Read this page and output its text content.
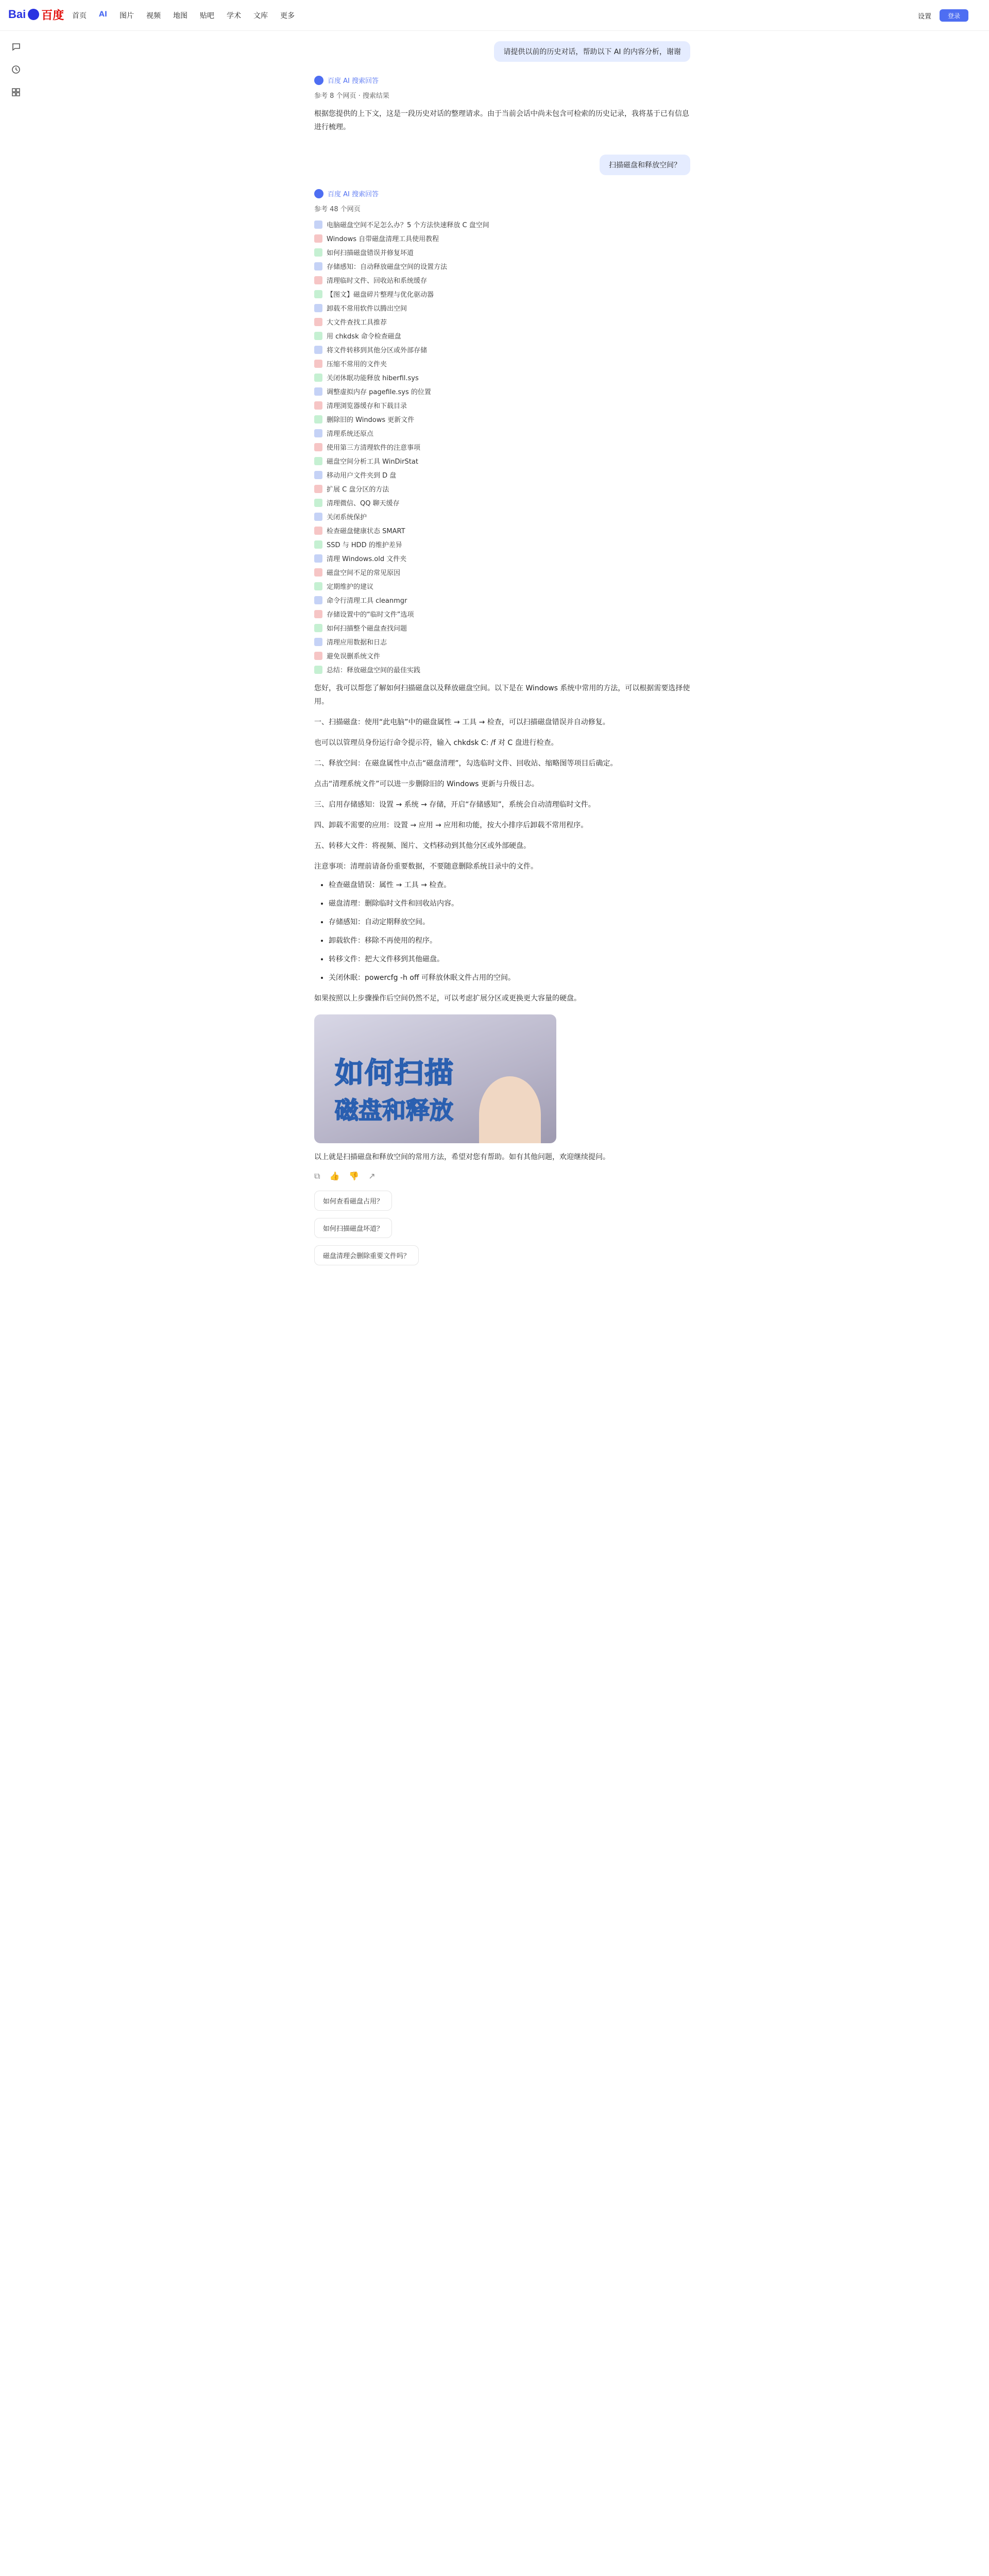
Bai 百度 首页 AI 图片 视频 地图 贴吧 学术 文库 更多	设置	登录
请提供以前的历史对话，帮助以下 AI 的内容分析，谢谢
百度 AI 搜索回答
参考 8 个网页 · 搜索结果

根据您提供的上下文，这是一段历史对话的整理请求。由于当前会话中尚未包含可检索的历史记录，我将基于已有信息进行梳理。

扫描磁盘和释放空间？
百度 AI 搜索回答
参考 48 个网页
电脑磁盘空间不足怎么办？5 个方法快速释放 C 盘空间
Windows 自带磁盘清理工具使用教程
如何扫描磁盘错误并修复坏道
存储感知：自动释放磁盘空间的设置方法
清理临时文件、回收站和系统缓存
【图文】磁盘碎片整理与优化驱动器
卸载不常用软件以腾出空间
大文件查找工具推荐
用 chkdsk 命令检查磁盘
将文件转移到其他分区或外部存储
压缩不常用的文件夹
关闭休眠功能释放 hiberfil.sys
调整虚拟内存 pagefile.sys 的位置
清理浏览器缓存和下载目录
删除旧的 Windows 更新文件
清理系统还原点
使用第三方清理软件的注意事项
磁盘空间分析工具 WinDirStat
移动用户文件夹到 D 盘
扩展 C 盘分区的方法
清理微信、QQ 聊天缓存
关闭系统保护
检查磁盘健康状态 SMART
SSD 与 HDD 的维护差异
清理 Windows.old 文件夹
磁盘空间不足的常见原因
定期维护的建议
命令行清理工具 cleanmgr
存储设置中的“临时文件”选项
如何扫描整个磁盘查找问题
清理应用数据和日志
避免误删系统文件
总结：释放磁盘空间的最佳实践

您好，我可以帮您了解如何扫描磁盘以及释放磁盘空间。以下是在 Windows 系统中常用的方法，可以根据需要选择使用。

一、扫描磁盘：使用“此电脑”中的磁盘属性 → 工具 → 检查，可以扫描磁盘错误并自动修复。

也可以以管理员身份运行命令提示符，输入 chkdsk C: /f 对 C 盘进行检查。

二、释放空间：在磁盘属性中点击“磁盘清理”，勾选临时文件、回收站、缩略图等项目后确定。

点击“清理系统文件”可以进一步删除旧的 Windows 更新与升级日志。

三、启用存储感知：设置 → 系统 → 存储，开启“存储感知”，系统会自动清理临时文件。

四、卸载不需要的应用：设置 → 应用 → 应用和功能，按大小排序后卸载不常用程序。

五、转移大文件：将视频、图片、文档移动到其他分区或外部硬盘。

注意事项：清理前请备份重要数据，不要随意删除系统目录中的文件。

• 检查磁盘错误：属性 → 工具 → 检查。
• 磁盘清理：删除临时文件和回收站内容。
• 存储感知：自动定期释放空间。
• 卸载软件：移除不再使用的程序。
• 转移文件：把大文件移到其他磁盘。
• 关闭休眠：powercfg -h off 可释放休眠文件占用的空间。

如果按照以上步骤操作后空间仍然不足，可以考虑扩展分区或更换更大容量的硬盘。

如何扫描
磁盘和释放

以上就是扫描磁盘和释放空间的常用方法，希望对您有帮助。如有其他问题，欢迎继续提问。

⧉ 👍 👎 ↗
如何查看磁盘占用？
如何扫描磁盘坏道？
磁盘清理会删除重要文件吗？
